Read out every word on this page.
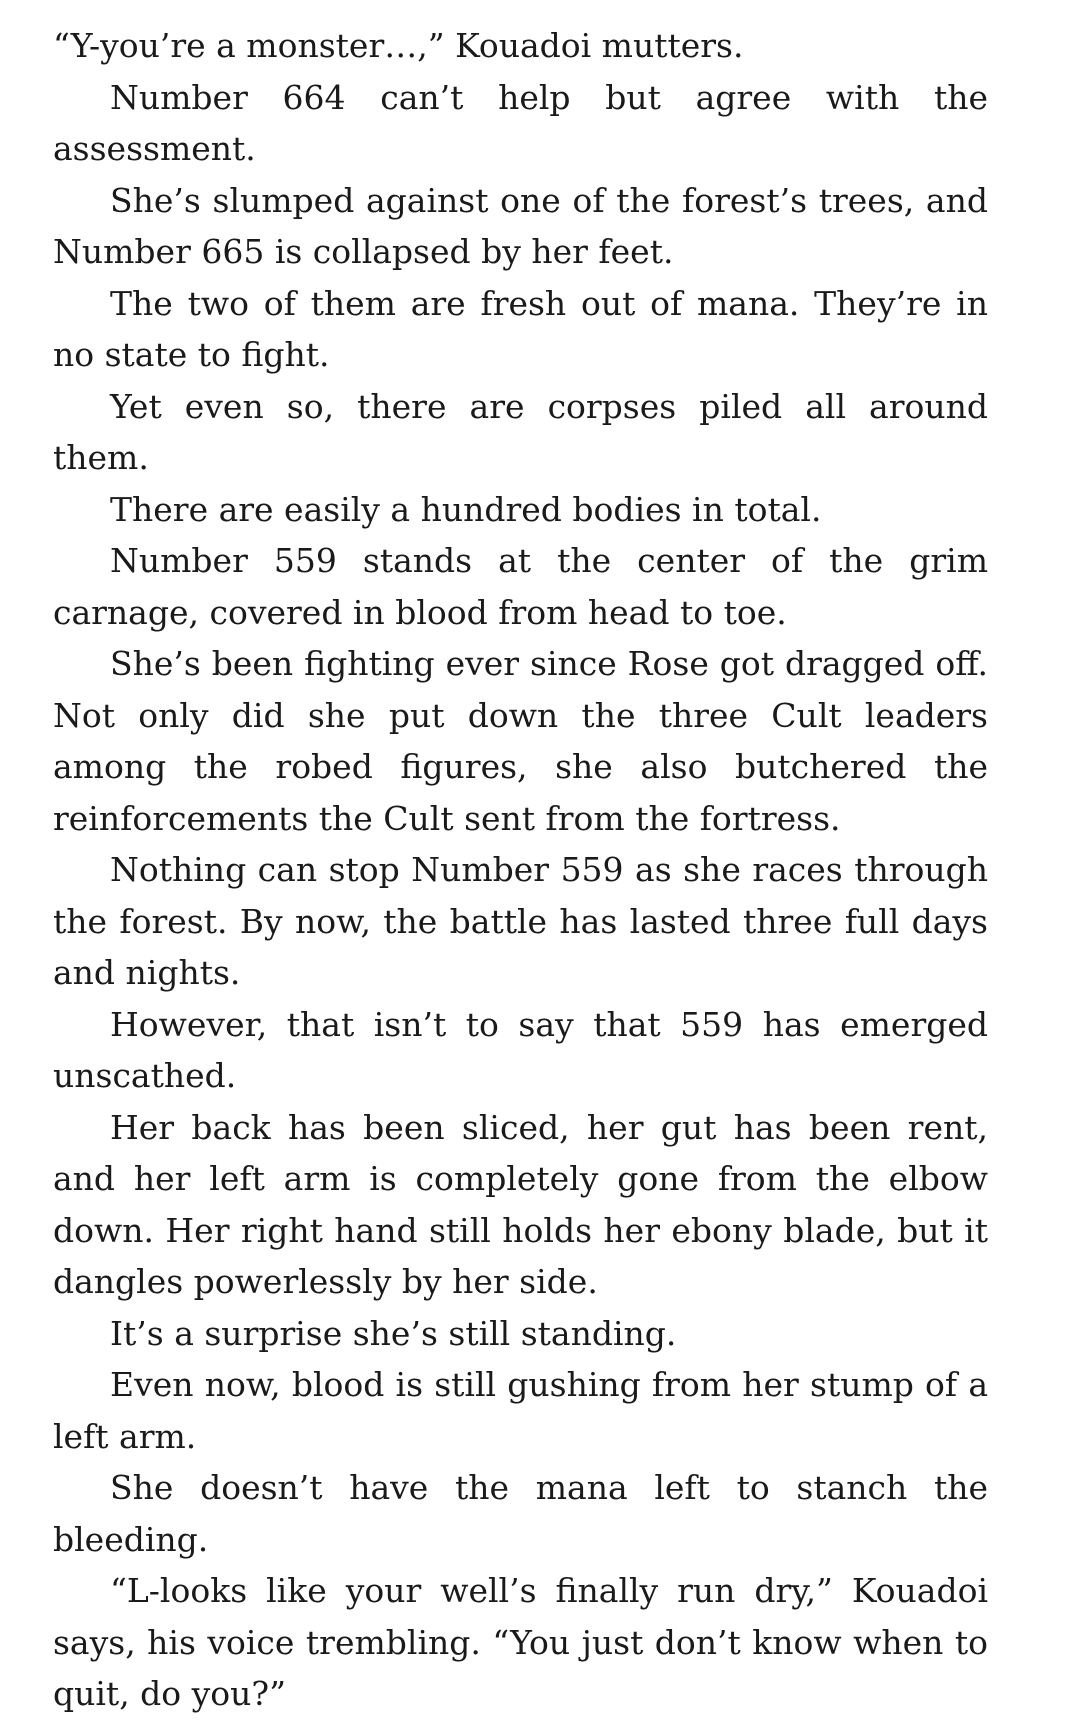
“Y-you’re a monster…,” Kouadoi mutters.

Number 664 can’t help but agree with the assessment.

She’s slumped against one of the forest’s trees, and Number 665 is collapsed by her feet.

The two of them are fresh out of mana. They’re in no state to fight.

Yet even so, there are corpses piled all around them.

There are easily a hundred bodies in total.

Number 559 stands at the center of the grim carnage, covered in blood from head to toe.

She’s been fighting ever since Rose got dragged off. Not only did she put down the three Cult leaders among the robed figures, she also butchered the reinforcements the Cult sent from the fortress.

Nothing can stop Number 559 as she races through the forest. By now, the battle has lasted three full days and nights.

However, that isn’t to say that 559 has emerged unscathed.

Her back has been sliced, her gut has been rent, and her left arm is completely gone from the elbow down. Her right hand still holds her ebony blade, but it dangles powerlessly by her side.

It’s a surprise she’s still standing.

Even now, blood is still gushing from her stump of a left arm.

She doesn’t have the mana left to stanch the bleeding.

“L-looks like your well’s finally run dry,” Kouadoi says, his voice trembling. “You just don’t know when to quit, do you?”
